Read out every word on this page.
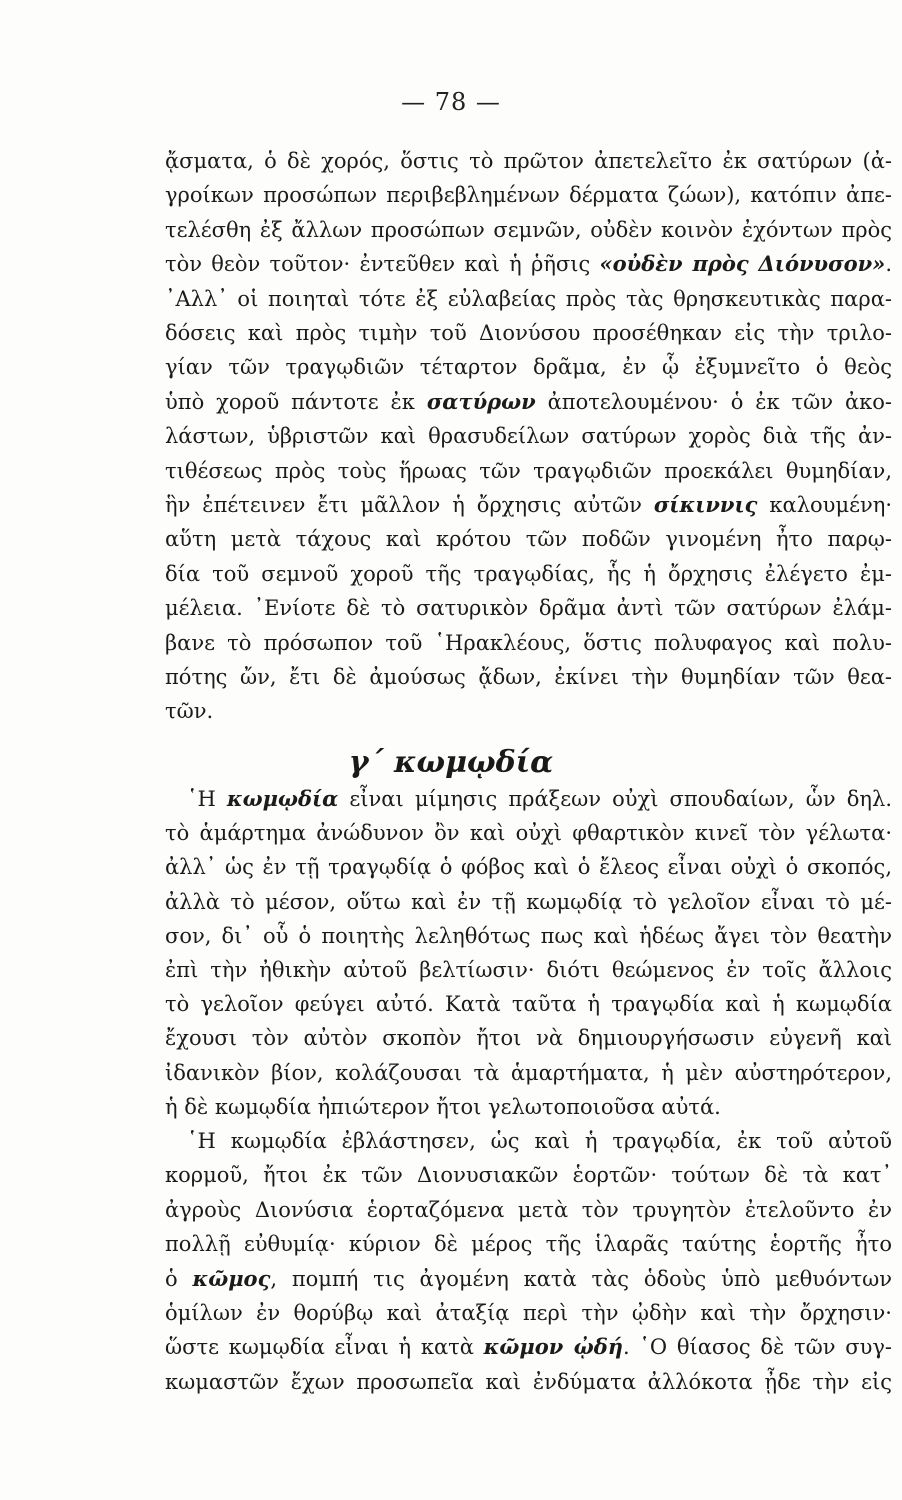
— 78 —
ᾄσματα, ὁ δὲ χορός, ὅστις τὸ πρῶτον ἀπετελεῖτο ἐκ σατύρων (ἀ-
γροίκων προσώπων περιβεβλημένων δέρματα ζώων), κατόπιν ἀπε-
τελέσθη ἐξ ἄλλων προσώπων σεμνῶν, οὐδὲν κοινὸν ἐχόντων πρὸς
τὸν θεὸν τοῦτον· ἐντεῦθεν καὶ ἡ ῥῆσις «οὐδὲν πρὸς Διόνυσον».
᾿Αλλ᾿ οἱ ποιηταὶ τότε ἐξ εὐλαβείας πρὸς τὰς θρησκευτικὰς παρα-
δόσεις καὶ πρὸς τιμὴν τοῦ Διονύσου προσέθηκαν εἰς τὴν τριλο-
γίαν τῶν τραγῳδιῶν τέταρτον δρᾶμα, ἐν ᾧ ἐξυμνεῖτο ὁ θεὸς
ὑπὸ χοροῦ πάντοτε ἐκ σατύρων ἀποτελουμένου· ὁ ἐκ τῶν ἀκο-
λάστων, ὑβριστῶν καὶ θρασυδείλων σατύρων χορὸς διὰ τῆς ἀν-
τιθέσεως πρὸς τοὺς ἥρωας τῶν τραγῳδιῶν προεκάλει θυμηδίαν,
ἣν ἐπέτεινεν ἔτι μᾶλλον ἡ ὄρχησις αὐτῶν σίκιννις καλουμένη·
αὕτη μετὰ τάχους καὶ κρότου τῶν ποδῶν γινομένη ἦτο παρῳ-
δία τοῦ σεμνοῦ χοροῦ τῆς τραγῳδίας, ἧς ἡ ὄρχησις ἐλέγετο ἐμ-
μέλεια. ᾿Ενίοτε δὲ τὸ σατυρικὸν δρᾶμα ἀντὶ τῶν σατύρων ἐλάμ-
βανε τὸ πρόσωπον τοῦ ῾Ηρακλέους, ὅστις πολυφαγος καὶ πολυ-
πότης ὤν, ἔτι δὲ ἀμούσως ᾄδων, ἐκίνει τὴν θυμηδίαν τῶν θεα-
τῶν.
γ΄ κωμῳδία
῾Η κωμῳδία εἶναι μίμησις πράξεων οὐχὶ σπουδαίων, ὧν δηλ.
τὸ ἁμάρτημα ἀνώδυνον ὂν καὶ οὐχὶ φθαρτικὸν κινεῖ τὸν γέλωτα·
ἀλλ᾿ ὡς ἐν τῇ τραγῳδίᾳ ὁ φόβος καὶ ὁ ἔλεος εἶναι οὐχὶ ὁ σκοπός,
ἀλλὰ τὸ μέσον, οὕτω καὶ ἐν τῇ κωμῳδίᾳ τὸ γελοῖον εἶναι τὸ μέ-
σον, δι᾿ οὗ ὁ ποιητὴς λεληθότως πως καὶ ἡδέως ἄγει τὸν θεατὴν
ἐπὶ τὴν ἠθικὴν αὐτοῦ βελτίωσιν· διότι θεώμενος ἐν τοῖς ἄλλοις
τὸ γελοῖον φεύγει αὐτό. Κατὰ ταῦτα ἡ τραγῳδία καὶ ἡ κωμῳδία
ἔχουσι τὸν αὐτὸν σκοπὸν ἤτοι νὰ δημιουργήσωσιν εὐγενῆ καὶ
ἰδανικὸν βίον, κολάζουσαι τὰ ἁμαρτήματα, ἡ μὲν αὐστηρότερον,
ἡ δὲ κωμῳδία ἠπιώτερον ἤτοι γελωτοποιοῦσα αὐτά.
῾Η κωμῳδία ἐβλάστησεν, ὡς καὶ ἡ τραγῳδία, ἐκ τοῦ αὐτοῦ
κορμοῦ, ἤτοι ἐκ τῶν Διονυσιακῶν ἑορτῶν· τούτων δὲ τὰ κατ᾿
ἀγροὺς Διονύσια ἑορταζόμενα μετὰ τὸν τρυγητὸν ἐτελοῦντο ἐν
πολλῇ εὐθυμίᾳ· κύριον δὲ μέρος τῆς ἱλαρᾶς ταύτης ἑορτῆς ἦτο
ὁ κῶμος, πομπή τις ἀγομένη κατὰ τὰς ὁδοὺς ὑπὸ μεθυόντων
ὁμίλων ἐν θορύβῳ καὶ ἀταξίᾳ περὶ τὴν ᾠδὴν καὶ τὴν ὄρχησιν·
ὥστε κωμῳδία εἶναι ἡ κατὰ κῶμον ᾠδή. ῾Ο θίασος δὲ τῶν συγ-
κωμαστῶν ἔχων προσωπεῖα καὶ ἐνδύματα ἀλλόκοτα ᾖδε τὴν εἰς
